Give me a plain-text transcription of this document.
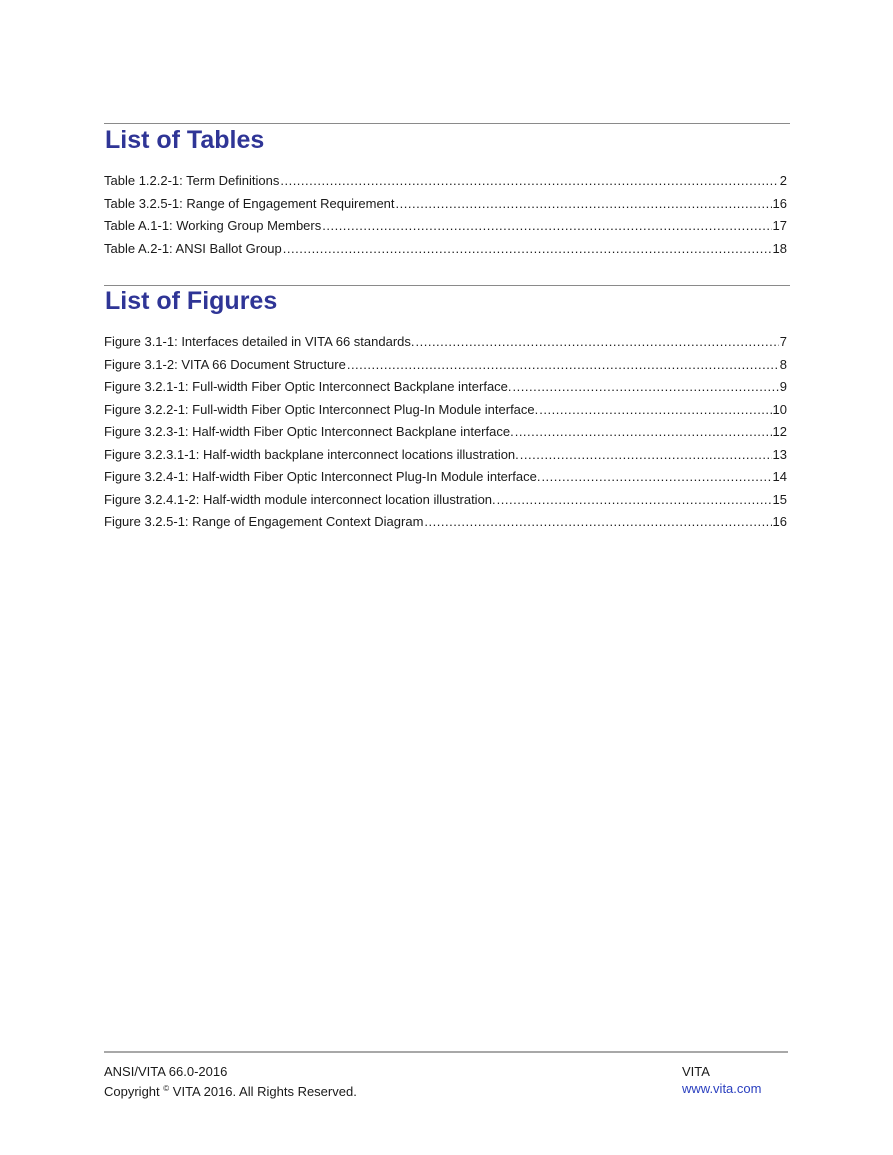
List of Tables
Table 1.2.2-1: Term Definitions .....	2
Table 3.2.5-1: Range of Engagement Requirement .....	16
Table A.1-1: Working Group Members .....	17
Table A.2-1: ANSI Ballot Group .....	18
List of Figures
Figure 3.1-1: Interfaces detailed in VITA 66 standards. .....	7
Figure 3.1-2: VITA 66 Document Structure .....	8
Figure 3.2.1-1: Full-width Fiber Optic Interconnect Backplane interface. .....	9
Figure 3.2.2-1: Full-width Fiber Optic Interconnect Plug-In Module interface. .....	10
Figure 3.2.3-1: Half-width Fiber Optic Interconnect Backplane interface. .....	12
Figure 3.2.3.1-1: Half-width backplane interconnect locations illustration. .....	13
Figure 3.2.4-1: Half-width Fiber Optic Interconnect Plug-In Module interface. .....	14
Figure 3.2.4.1-2: Half-width module interconnect location illustration. .....	15
Figure 3.2.5-1: Range of Engagement Context Diagram .....	16
ANSI/VITA 66.0-2016
Copyright © VITA 2016. All Rights Reserved.
VITA
www.vita.com
